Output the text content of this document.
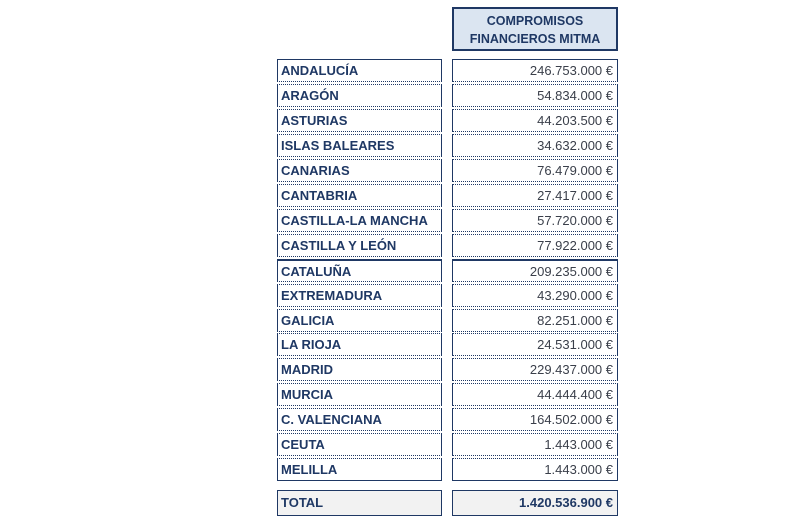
COMPROMISOS
FINANCIEROS MITMA
ANDALUCÍA	246.753.000 €
ARAGÓN	54.834.000 €
ASTURIAS	44.203.500 €
ISLAS BALEARES	34.632.000 €
CANARIAS	76.479.000 €
CANTABRIA	27.417.000 €
CASTILLA-LA MANCHA	57.720.000 €
CASTILLA Y LEÓN	77.922.000 €
CATALUÑA	209.235.000 €
EXTREMADURA	43.290.000 €
GALICIA	82.251.000 €
LA RIOJA	24.531.000 €
MADRID	229.437.000 €
MURCIA	44.444.400 €
C. VALENCIANA	164.502.000 €
CEUTA	1.443.000 €
MELILLA	1.443.000 €
TOTAL	1.420.536.900 €
